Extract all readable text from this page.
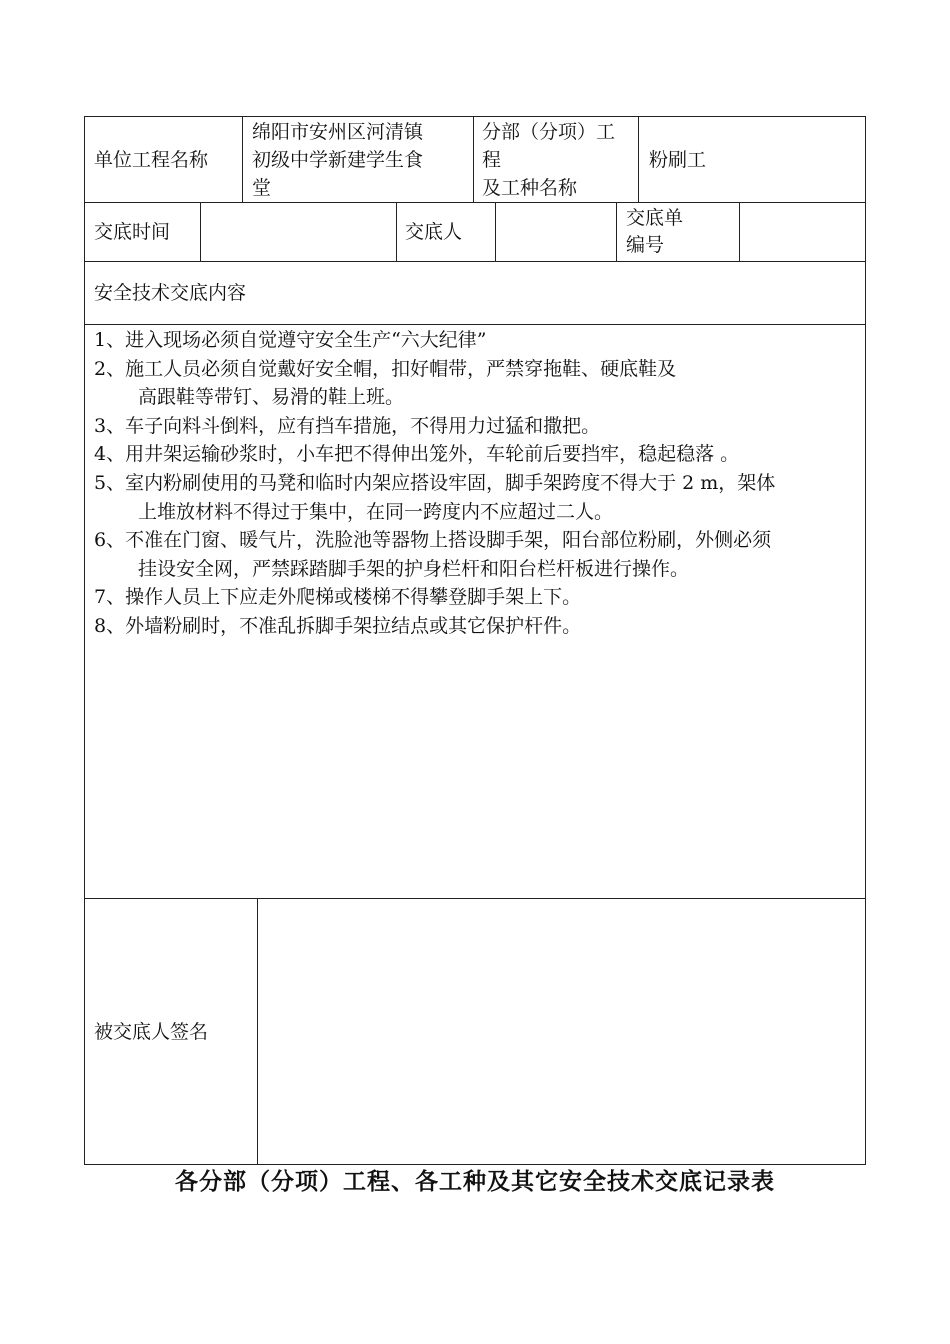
单位工程名称
绵阳市安州区河清镇
初级中学新建学生食
堂
分部（分项）工
程
及工种名称
粉刷工
交底时间	交底人
交底单
编号
安全技术交底内容
1、进入现场必须自觉遵守安全生产“六大纪律”
2、施工人员必须自觉戴好安全帽，扣好帽带，严禁穿拖鞋、硬底鞋及
高跟鞋等带钉、易滑的鞋上班。
3、车子向料斗倒料，应有挡车措施，不得用力过猛和撒把。
4、用井架运输砂浆时，小车把不得伸出笼外，车轮前后要挡牢，稳起稳落 。
5、室内粉刷使用的马凳和临时内架应搭设牢固，脚手架跨度不得大于 2 m，架体
上堆放材料不得过于集中，在同一跨度内不应超过二人。
6、不准在门窗、暖气片，洗脸池等器物上搭设脚手架，阳台部位粉刷，外侧必须
挂设安全网，严禁踩踏脚手架的护身栏杆和阳台栏杆板进行操作。
7、操作人员上下应走外爬梯或楼梯不得攀登脚手架上下。
8、外墙粉刷时，不准乱拆脚手架拉结点或其它保护杆件。
被交底人签名
各分部（分项）工程、各工种及其它安全技术交底记录表
